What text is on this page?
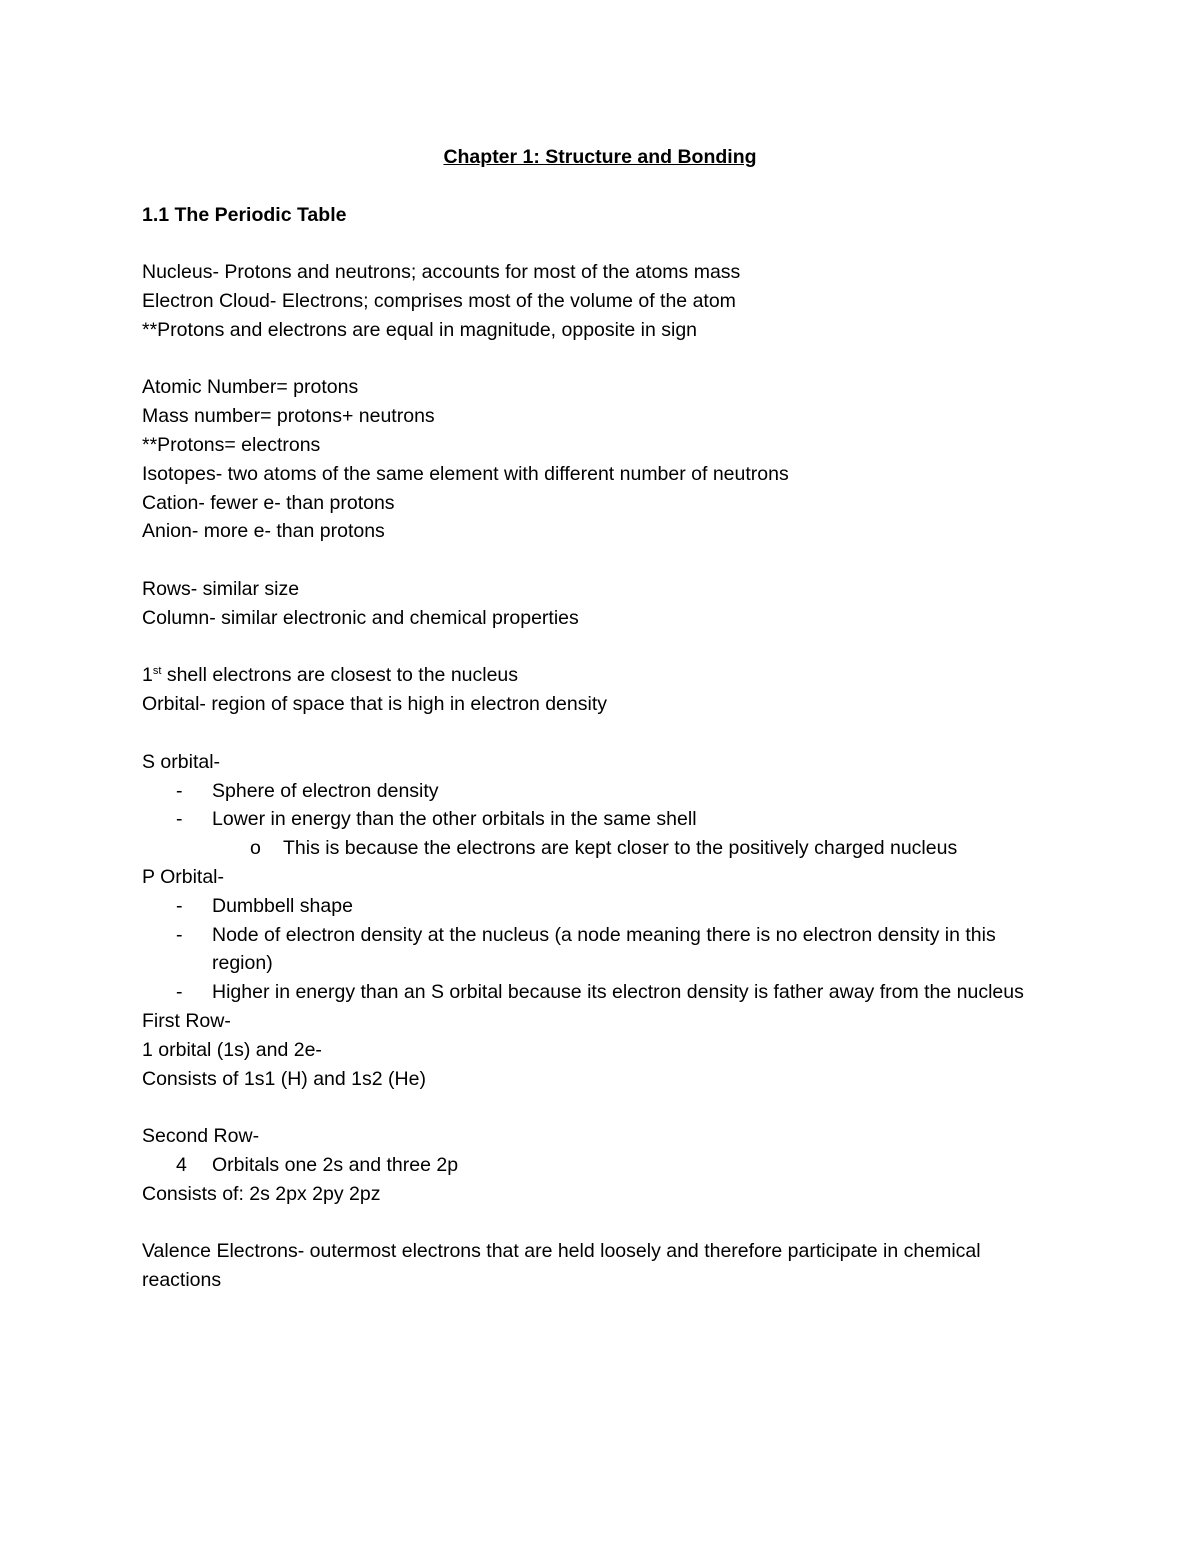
Chapter 1: Structure and Bonding
1.1 The Periodic Table
Nucleus- Protons and neutrons; accounts for most of the atoms mass
Electron Cloud- Electrons; comprises most of the volume of the atom
**Protons and electrons are equal in magnitude, opposite in sign
Atomic Number= protons
Mass number= protons+ neutrons
**Protons= electrons
Isotopes- two atoms of the same element with different number of neutrons
Cation- fewer e- than protons
Anion- more e- than protons
Rows- similar size
Column- similar electronic and chemical properties
1st shell electrons are closest to the nucleus
Orbital- region of space that is high in electron density
S orbital-
- Sphere of electron density
- Lower in energy than the other orbitals in the same shell
o This is because the electrons are kept closer to the positively charged nucleus
P Orbital-
- Dumbbell shape
- Node of electron density at the nucleus (a node meaning there is no electron density in this region)
- Higher in energy than an S orbital because its electron density is father away from the nucleus
First Row-
1 orbital (1s) and 2e-
Consists of 1s1 (H) and 1s2 (He)
Second Row-
4 Orbitals one 2s and three 2p
Consists of: 2s 2px 2py 2pz
Valence Electrons- outermost electrons that are held loosely and therefore participate in chemical reactions
